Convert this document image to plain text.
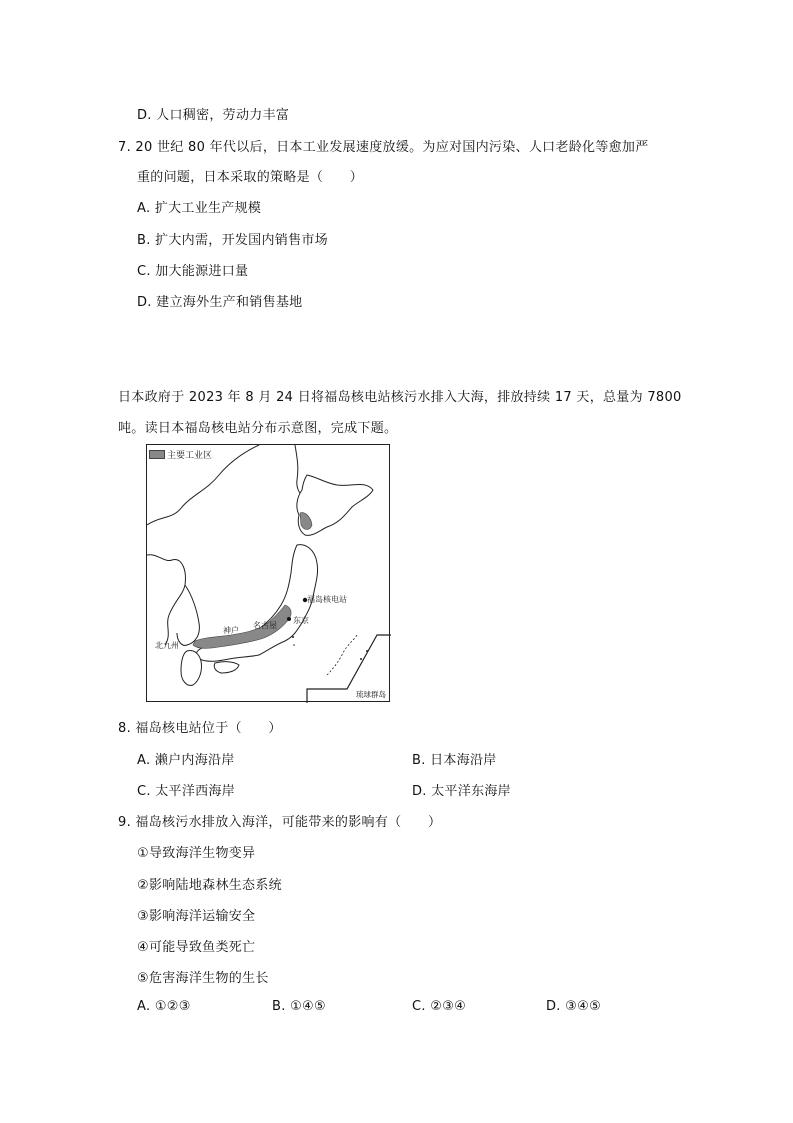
D. 人口稠密，劳动力丰富
7. 20 世纪 80 年代以后，日本工业发展速度放缓。为应对国内污染、人口老龄化等愈加严
重的问题，日本采取的策略是（　　）
A. 扩大工业生产规模
B. 扩大内需，开发国内销售市场
C. 加大能源进口量
D. 建立海外生产和销售基地
日本政府于 2023 年 8 月 24 日将福岛核电站核污水排入大海，排放持续 17 天，总量为 7800
吨。读日本福岛核电站分布示意图，完成下题。
主要工业区
福岛核电站
东京
名古屋
神户
北九州
琉球群岛
8. 福岛核电站位于（　　）
A. 濑户内海沿岸	B. 日本海沿岸
C. 太平洋西海岸	D. 太平洋东海岸
9. 福岛核污水排放入海洋，可能带来的影响有（　　）
①导致海洋生物变异
②影响陆地森林生态系统
③影响海洋运输安全
④可能导致鱼类死亡
⑤危害海洋生物的生长
A. ①②③	B. ①④⑤	C. ②③④	D. ③④⑤
